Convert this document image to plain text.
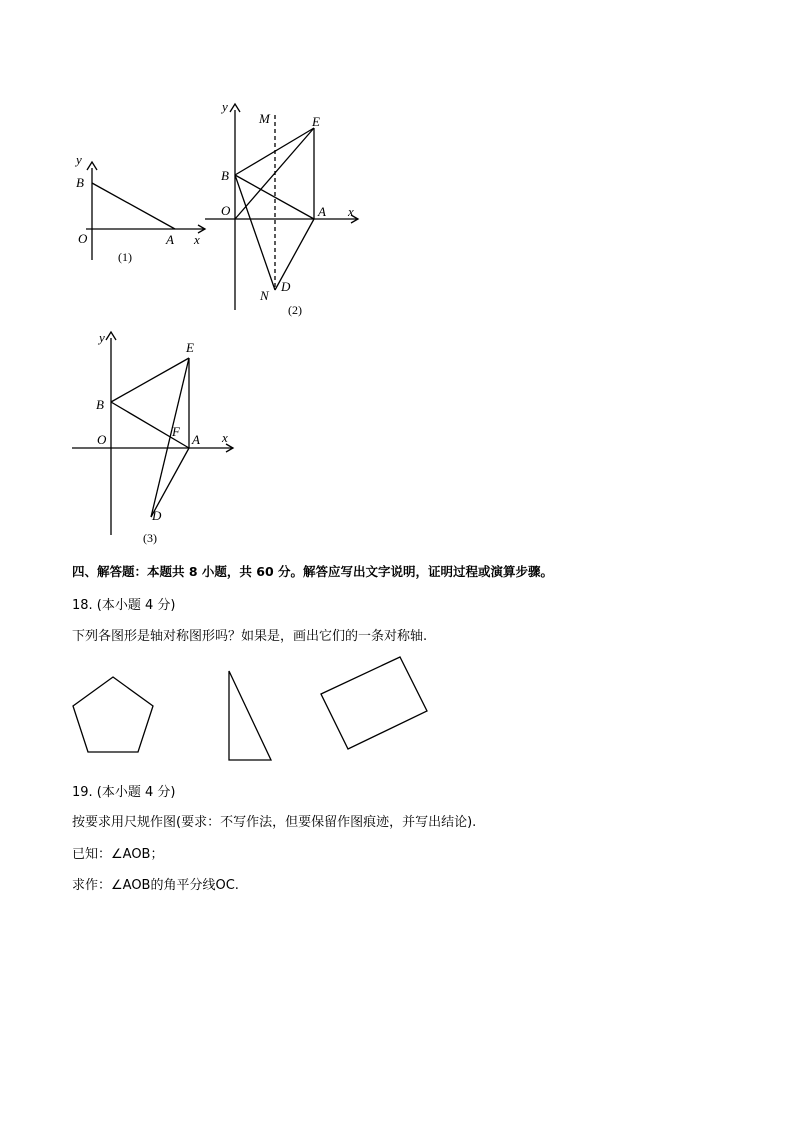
y
B
O	A x
(1)
y
M	E
B
O	A x
N
D
(2)
y
E
B
F
O	A x
D
(3)
四、解答题：本题共 8 小题，共 60 分。解答应写出文字说明，证明过程或演算步骤。
18. (本小题 4 分)
下列各图形是轴对称图形吗？如果是，画出它们的一条对称轴.
19. (本小题 4 分)
按要求用尺规作图(要求：不写作法，但要保留作图痕迹，并写出结论).
已知：∠AOB；
求作：∠AOB的角平分线OC.
